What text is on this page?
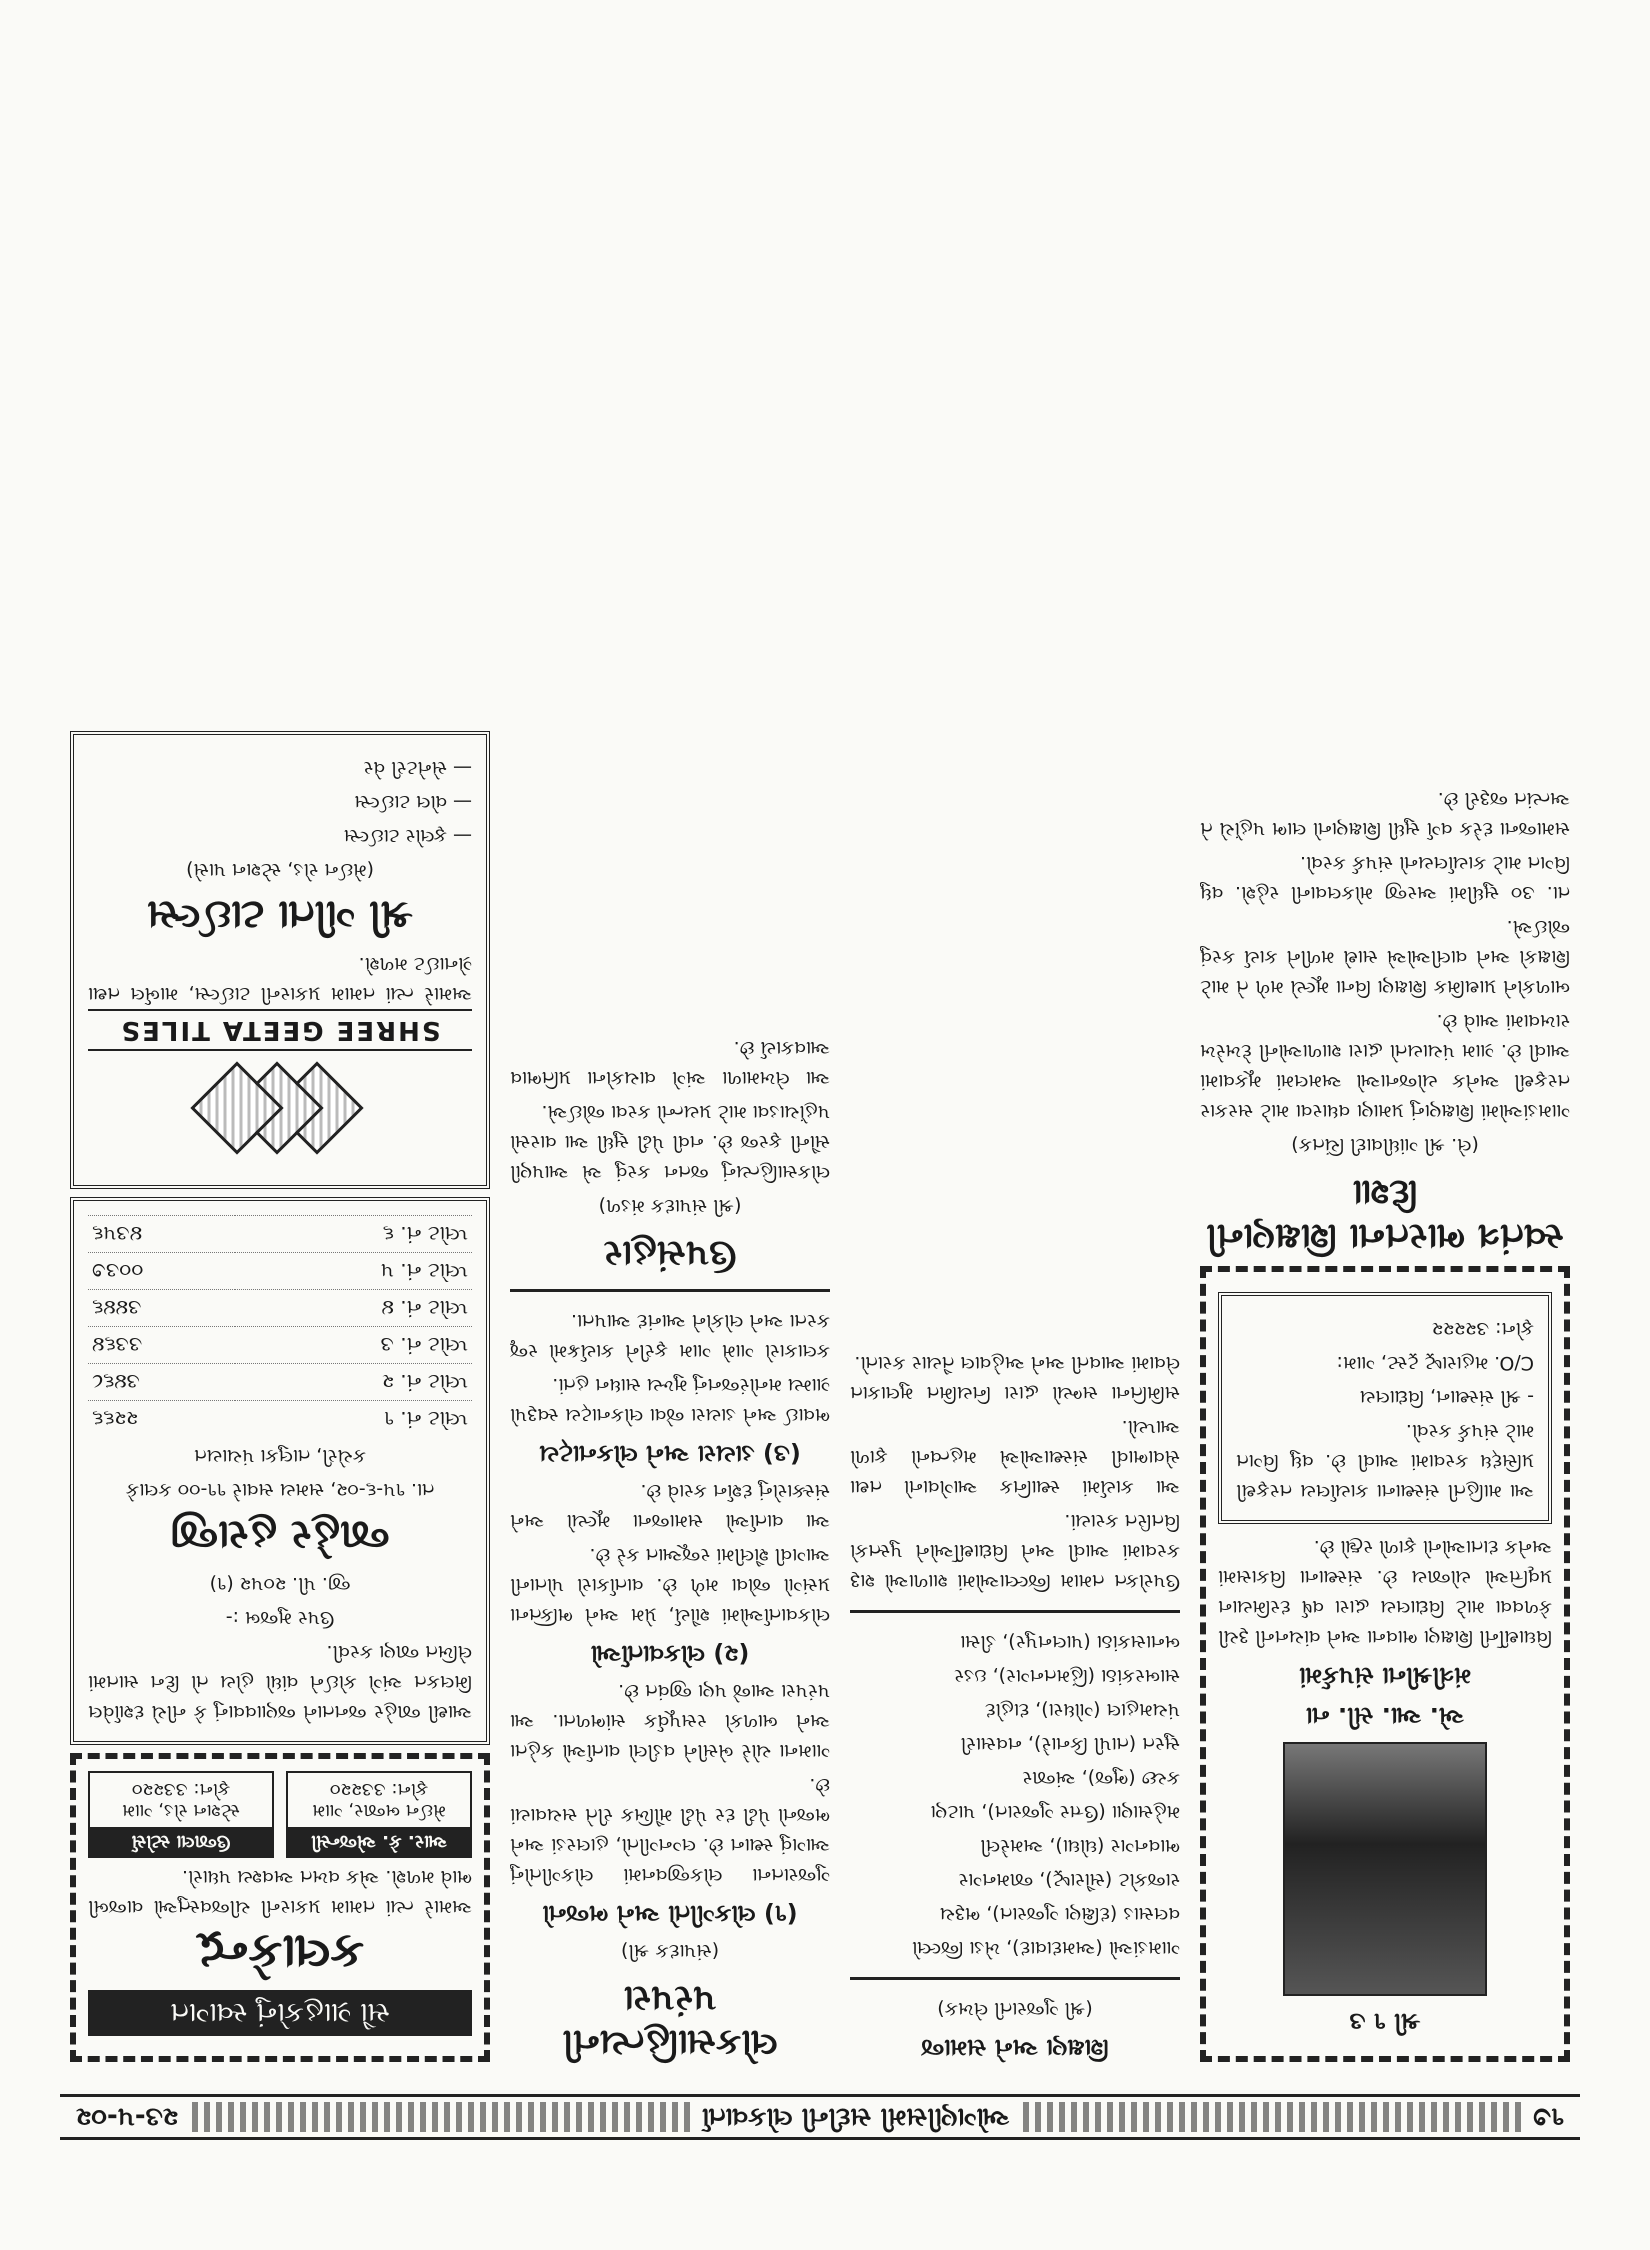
૧૭
ઓગણીસમી સદીની લોકવાર્તા
૨૩-૫-૦૨
શ્રી ૧ ૩
એ. આ. સી. ના
મંત્રીશ્રીના સંપર્કમાં

વિઘાર્થીની શિક્ષણ ભાવના અને વાંચનની રૂચી કેળવવા માટે વિદ્યાલય દ્વારા વર્ષ દરમિયાન પ્રવૃત્તિઓ યોજાય છે. સંસ્થાના વિકાસમાં અનેક દાતાઓનો ફાળો રહ્યો છે.

આ માહિતી સંસ્થાના કાર્યાલય તરફથી પ્રસિદ્ધ કરવામાં આવી છે. વધુ વિગત માટે સંપર્ક કરવો.

- શ્રી સંસ્થાન, વિદ્યાલય

C/O. મહારાષ્ટ્ર ટ્રસ્ટ, ગામ:

ફોન: ૩૨૨૨૨

સ્વતંત્ર ભારતના શિક્ષણની દિશા

(લે. શ્રી ગાંધીવાદી ચિંતક)

ગામડાંઓમાં શિક્ષણનું પ્રમાણ વધારવા માટે સરકાર તરફથી અનેક યોજનાઓ અમલમાં મૂકવામાં આવી છે. ગ્રામ પંચાયતો દ્વારા શાળાઓની દેખરેખ રાખવામાં આવે છે.

બાળકોને પ્રાથમિક શિક્ષણ વિના મૂલ્યે મળે તે માટે શિક્ષકો અને વાલીઓએ સાથે મળીને કાર્ય કરવું જોઈએ.

તા. ૩૦ સુધીમાં અરજી મોકલવાની રહેશે. વધુ વિગત માટે કાર્યાલયનો સંપર્ક કરવો.

સમાજના દરેક વર્ગ સુધી શિક્ષણનો લાભ પહોંચે તે અત્યંત જરૂરી છે.

શિક્ષણ અને સમાજ

(શ્રી ગુજરાતી લેખક)

ગામડાંઓ (અમદાવાદ), ખેડા જિલ્લો

વલસાડ (દક્ષિણ ગુજરાત), ભરૂચ

રાજકોટ (સૌરાષ્ટ્ર), જામનગર

ભાવનગર (ઘોઘા), અમરેલી

મહેસાણા (ઉત્તર ગુજરાત), પાટણ

કચ્છ (ભુજ), અંજાર

સુરત (તાપી કિનારે), નવસારી

પંચમહાલ (ગોધરા), દાહોદ

સાબરકાંઠા (હિંમતનગર), ઇડર

બનાસકાંઠા (પાલનપુર), ડીસા

ઉપરોક્ત તમામ જિલ્લાઓમાં શાળાઓ શરૂ કરવામાં આવી અને વિદ્યાર્થીઓને પુસ્તકો વિતરિત કરાયાં.

આ કાર્યમાં સ્થાનિક આગેવાનો તથા સેવાભાવી સંસ્થાઓએ મહત્વનો ફાળો આપ્યો.

સમિતિના સભ્યો દ્વારા નિયમિત મુલાકાત લેવામાં આવતી અને અહેવાલ તૈયાર કરાતો.

લોકસાહિત્યની પરંપરા

(સંપાદક શ્રી)

(૧) લોકગીતો અને ભજનો

ગુજરાતના લોકજીવનમાં લોકગીતોનું આગવું સ્થાન છે. લગ્નગીતો, હાલરડાં અને ભજનો પેઢી દર પેઢી મૌખિક રીતે સચવાયાં છે.

ગામના ચોરે બેસીને વડીલો વાર્તાઓ કહેતા અને બાળકો રસપૂર્વક સાંભળતા. આ પરંપરા આજે પણ જીવંત છે.

(૨) લોકવાર્તાઓ

લોકવાર્તાઓમાં શૌર્ય, પ્રેમ અને ભક્તિના પ્રસંગો જોવા મળે છે. વાર્તાકારો પોતાની આગવી શૈલીમાં રજૂઆત કરે છે.

આ વાર્તાઓ સમાજના મૂલ્યો અને સંસ્કારોનું દર્શન કરાવે છે.

(૩) ડાયરા અને લોકનાટ્ય

ભવાઈ અને ડાયરા જેવા લોકનાટ્ય સ્વરૂપો ગ્રામ્ય મનોરંજનનું મુખ્ય સાધન હતાં.

કલાકારો ગામે ગામ ફરીને કાર્યક્રમો રજૂ કરતા અને લોકોને આનંદ આપતા.

ઉપસંહાર

(શ્રી સંપાદક મંડળ)

લોકસાહિત્યનું જતન કરવું એ આપણી સૌની ફરજ છે. નવી પેઢી સુધી આ વારસો પહોંચાડવા માટે પ્રયત્નો કરવા જોઈએ.

આ લેખમાળા અંગે વાચકોના પ્રતિભાવ આવકાર્ય છે.

સૌ ગ્રાહકોનું સ્વાગત
કલાકેન્દ્ર

અમારે ત્યાં તમામ પ્રકારની ચીજવસ્તુઓ વાજબી ભાવે મળશે. એક વખત અવશ્ય પધારો.

આર. કે. એજન્સી
મેઈન બજાર, ગામ
ફોન: ૩૩૨૨૦
ઉજાલા સ્ટોર્સ
સ્ટેશન રોડ, ગામ
ફોન: ૩૩૨૨૦

આથી જાહેર જનતાને જણાવવાનું કે નીચે દર્શાવેલ મિલકત અંગે કોઈને વાંધો હોય તો દિન સાતમાં લેખિત જાણ કરવી.

ઉપર મુજબ :-

જી. પી. ૨૦૫૨ (૧)

જાહેર હરાજી

તા. ૧૫-૬-૦૨, સમય સવારે ૧૧-૦૦ કલાકે

કચેરી, તાલુકા પંચાયત

પ્લોટ નં. ૧	૨૨૬૬
પ્લોટ નં. ૨	૩૪૬૮
પ્લોટ નં. ૩	૩૩૬૪
પ્લોટ નં. ૪	૩૪૪૬
પ્લોટ નં. ૫	૦૦૩૭
પ્લોટ નં. ૬	૪૩૫૬
SHREE GEETA TILES

અમારે ત્યાં તમામ પ્રકારની ટાઈલ્સ, માર્બલ તથા ગ્રેનાઈટ મળશે.

શ્રી ગીતા ટાઈલ્સ

(મેઈન રોડ, સ્ટેશન પાસે)

— ફ્લોર ટાઈલ્સ

— વોલ ટાઈલ્સ

— સેનેટરી વેર
